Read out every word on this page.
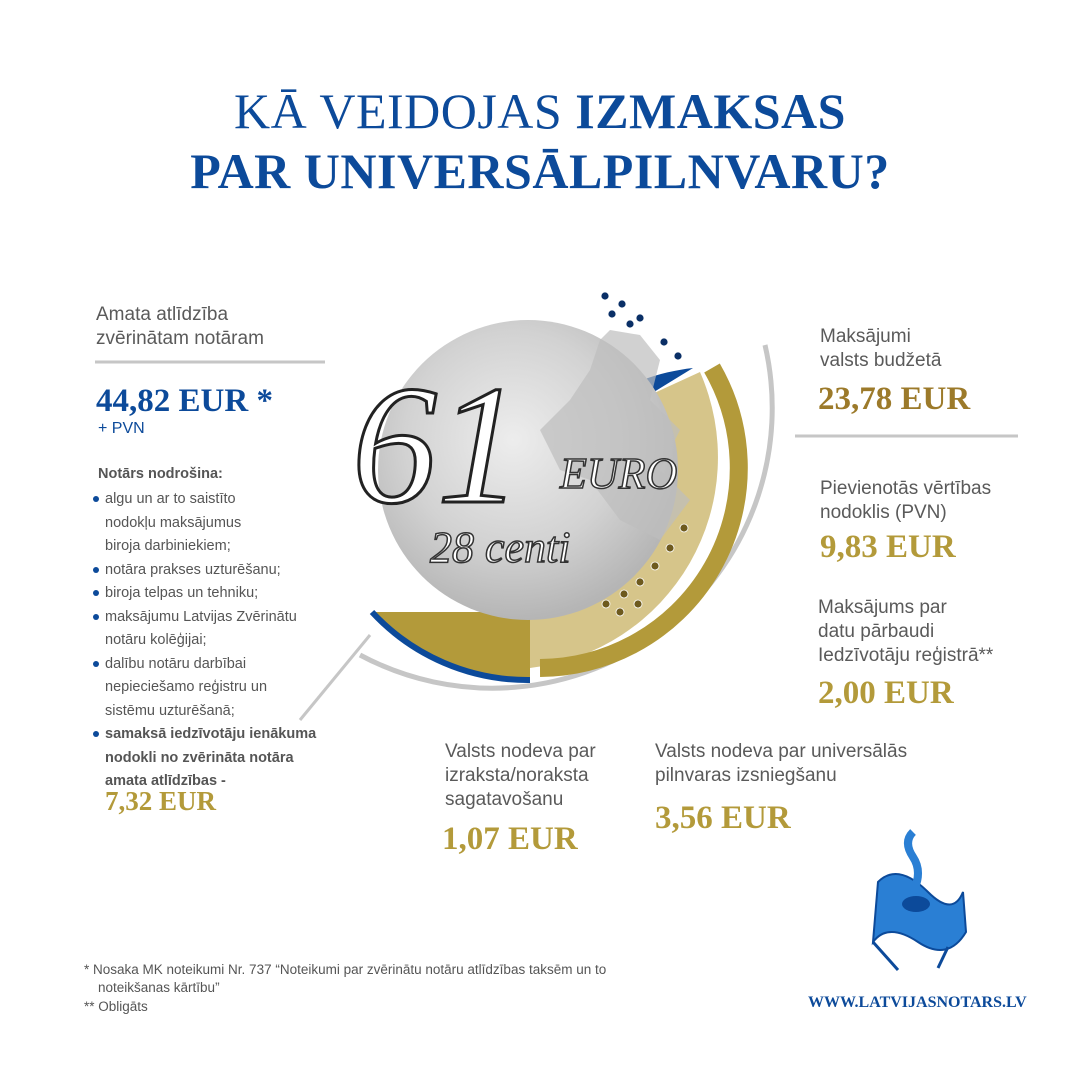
KĀ VEIDOJAS IZMAKSAS
PAR UNIVERSĀLPILNVARU?
61 EURO
28 centi
Amata atlīdzība
zvērinātam notāram
44,82 EUR *
+ PVN
Notārs nodrošina:
algu un ar to saistīto
nodokļu maksājumus
biroja darbiniekiem;
notāra prakses uzturēšanu;
biroja telpas un tehniku;
maksājumu Latvijas Zvērinātu
notāru kolēģijai;
dalību notāru darbībai
nepieciešamo reģistru un
sistēmu uzturēšanā;
samaksā iedzīvotāju ienākuma
nodokli no zvērināta notāra
amata atlīdzības -
7,32 EUR
Maksājumi
valsts budžetā
23,78 EUR
Pievienotās vērtības
nodoklis (PVN)
9,83 EUR
Maksājums par
datu pārbaudi
Iedzīvotāju reģistrā**
2,00 EUR
Valsts nodeva par
izraksta/noraksta
sagatavošanu
1,07 EUR
Valsts nodeva par universālās
pilnvaras izsniegšanu
3,56 EUR
* Nosaka MK noteikumi Nr. 737 “Noteikumi par zvērinātu notāru atlīdzības taksēm un to
noteikšanas kārtību”
** Obligāts	WWW.LATVIJASNOTARS.LV
